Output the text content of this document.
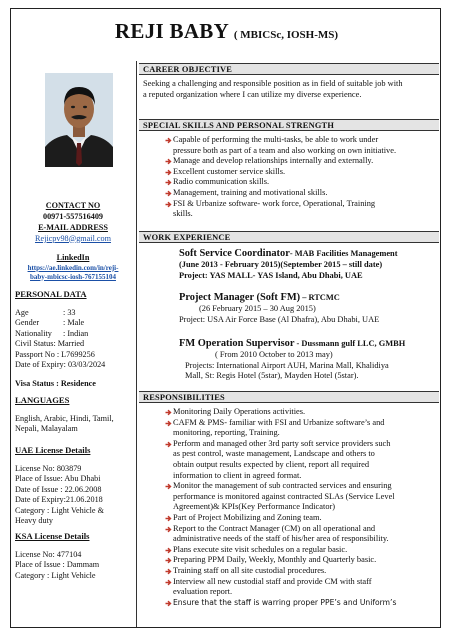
REJI BABY ( MBICSc, IOSH-MS)
CONTACT NO
00971-557516409
E-MAIL ADDRESS
Rejicpv98@gmail.com
LinkedIn
https://ae.linkedin.com/in/reji-
baby-mbicsc-iosh-767155104
PERSONAL DATA
Age	: 33
Gender	: Male
Nationality	: Indian
Civil Status: Married
Passport No : L7699256
Date of Expiry: 03/03/2024
Visa Status : Residence
LANGUAGES
English, Arabic, Hindi, Tamil,
Nepali, Malayalam
UAE License Details
License No: 803879
Place of Issue: Abu Dhabi
Date of Issue : 22.06.2008
Date of Expiry:21.06.2018
Category : Light Vehicle &
Heavy duty
KSA License Details
License No: 477104
Place of Issue : Dammam
Category : Light Vehicle
CAREER OBJECTIVE
Seeking a challenging and responsible position as in field of suitable job with
a reputed organization where I can utilize my diverse experience.
SPECIAL SKILLS AND PERSONAL STRENGTH
Capable of performing the multi-tasks, be able to work under
pressure both as part of a team and also working on own initiative.
Manage and develop relationships internally and externally.
Excellent customer service skills.
Radio communication skills.
Management, training and motivational skills.
FSI & Urbanize software- work force, Operational, Training
skills.
WORK EXPERIENCE
Soft Service Coordinator- MAB Facilities Management
(June 2013 - February 2015)(September 2015 – still date)
Project: YAS MALL- YAS Island, Abu Dhabi, UAE
Project Manager (Soft FM) – RTCMC
(26 February 2015 – 30 Aug 2015)
Project: USA Air Force Base (Al Dhafra), Abu Dhabi, UAE
FM Operation Supervisor - Dussmann gulf LLC, GMBH
( From 2010 October to 2013 may)
Projects: International Airport AUH, Marina Mall, Khalidiya
Mall, St: Regis Hotel (5star), Mayden Hotel (5star).
RESPONSIBILITIES
Monitoring Daily Operations activities.
CAFM & PMS- familiar with FSI and Urbanize software’s and
monitoring, reporting, Training.
Perform and managed other 3rd party soft service providers such
as pest control, waste management, Landscape and others to
obtain output results expected by client, report all required
information to client in agreed format.
Monitor the management of sub contracted services and ensuring
performance is monitored against contracted SLAs (Service Level
Agreement)& KPIs(Key Performance Indicator)
Part of Project Mobilizing and Zoning team.
Report to the Contract Manager (CM) on all operational and
administrative needs of the staff of his/her area of responsibility.
Plans execute site visit schedules on a regular basic.
Preparing PPM Daily, Weekly, Monthly and Quarterly basic.
Training staff on all site custodial procedures.
Interview all new custodial staff and provide CM with staff
evaluation report.
Ensure that the staff is warring proper PPE’s and Uniform’s
